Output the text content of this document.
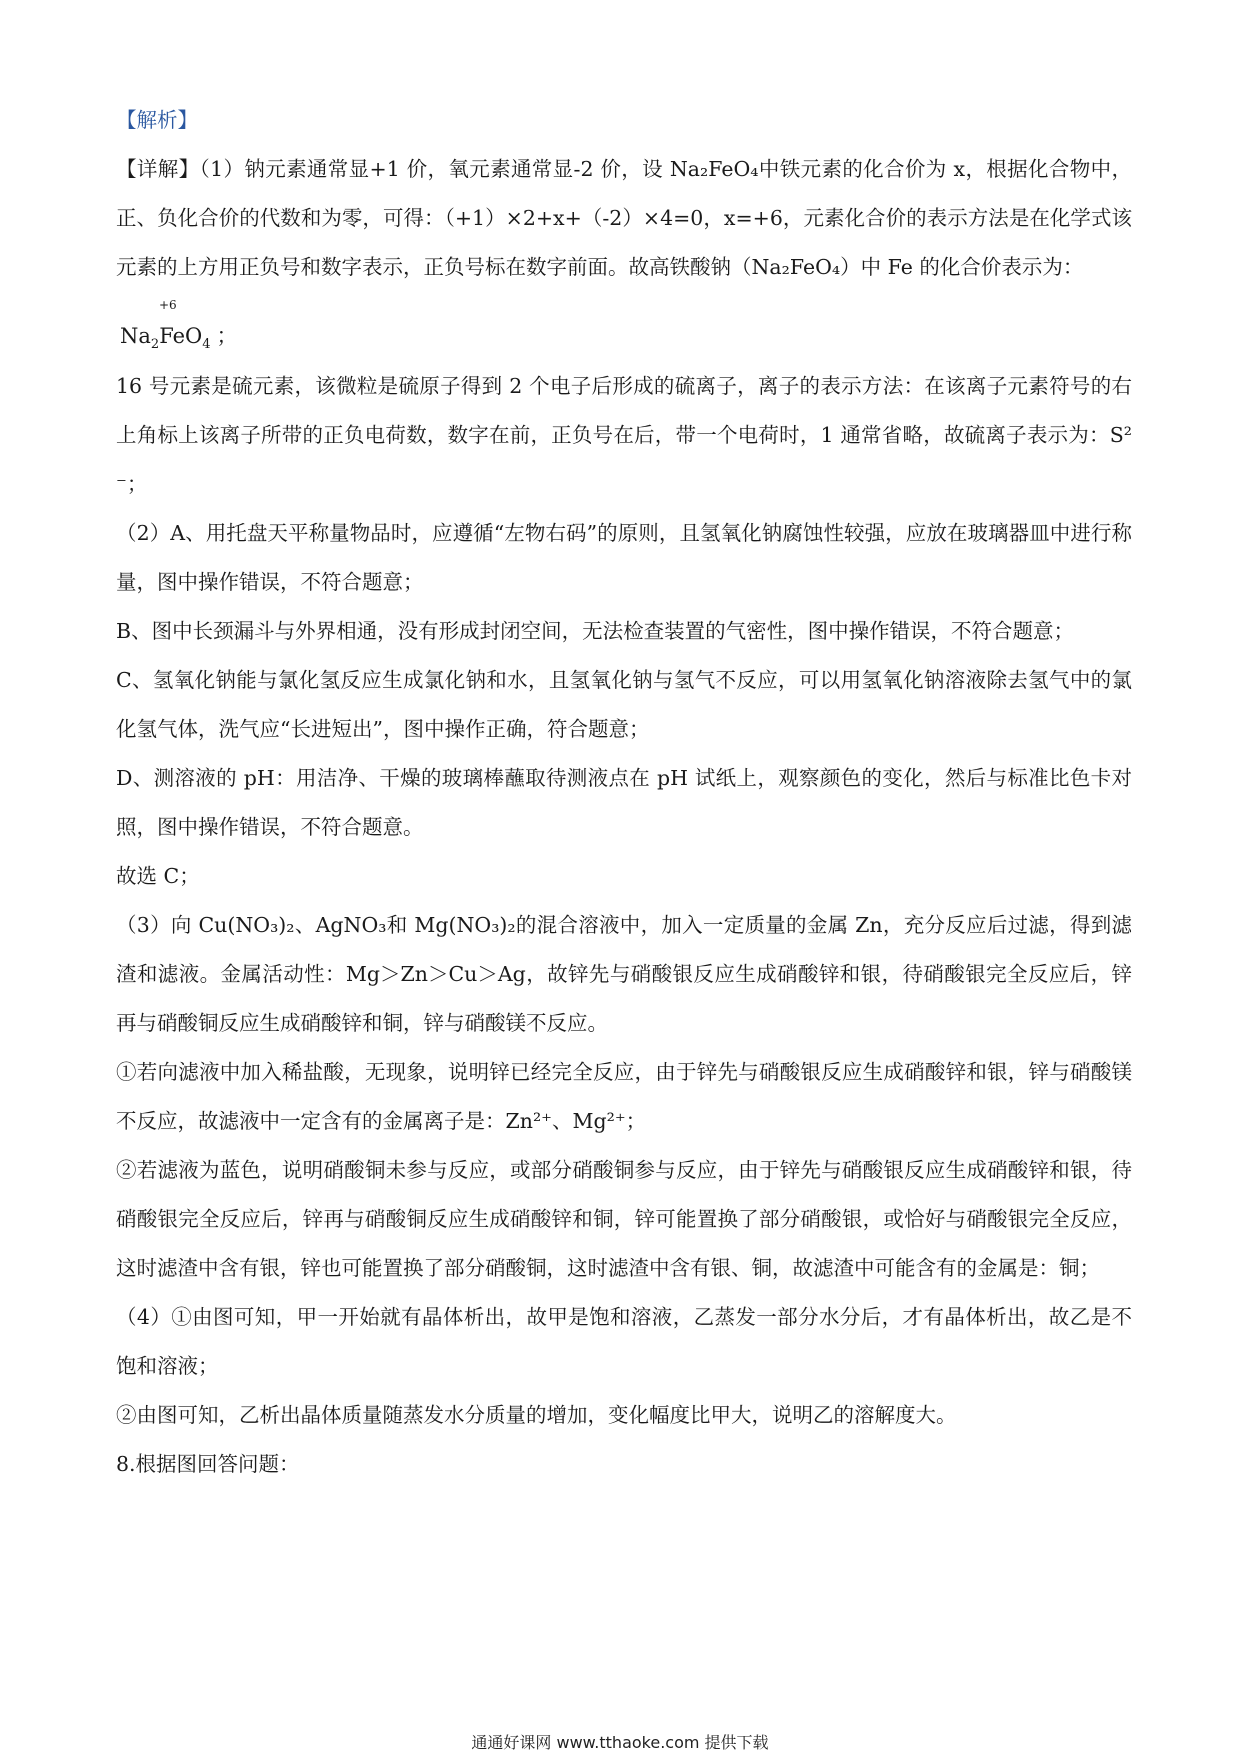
【解析】

【详解】（1）钠元素通常显+1 价，氧元素通常显-2 价，设 Na₂FeO₄中铁元素的化合价为 x，根据化合物中，正、负化合价的代数和为零，可得：（+1）×2+x+（-2）×4=0，x=+6，元素化合价的表示方法是在化学式该元素的上方用正负号和数字表示，正负号标在数字前面。故高铁酸钠（Na₂FeO₄）中 Fe 的化合价表示为：

+6
$Na_2FeO_4$ ；

16 号元素是硫元素，该微粒是硫原子得到 2 个电子后形成的硫离子，离子的表示方法：在该离子元素符号的右上角标上该离子所带的正负电荷数，数字在前，正负号在后，带一个电荷时，1 通常省略，故硫离子表示为：S²⁻；

（2）A、用托盘天平称量物品时，应遵循“左物右码”的原则，且氢氧化钠腐蚀性较强，应放在玻璃器皿中进行称量，图中操作错误，不符合题意；

B、图中长颈漏斗与外界相通，没有形成封闭空间，无法检查装置的气密性，图中操作错误，不符合题意；

C、氢氧化钠能与氯化氢反应生成氯化钠和水，且氢氧化钠与氢气不反应，可以用氢氧化钠溶液除去氢气中的氯化氢气体，洗气应“长进短出”，图中操作正确，符合题意；

D、测溶液的 pH：用洁净、干燥的玻璃棒蘸取待测液点在 pH 试纸上，观察颜色的变化，然后与标准比色卡对照，图中操作错误，不符合题意。

故选 C；

（3）向 Cu(NO₃)₂、AgNO₃和 Mg(NO₃)₂的混合溶液中，加入一定质量的金属 Zn，充分反应后过滤，得到滤渣和滤液。金属活动性：Mg＞Zn＞Cu＞Ag，故锌先与硝酸银反应生成硝酸锌和银，待硝酸银完全反应后，锌再与硝酸铜反应生成硝酸锌和铜，锌与硝酸镁不反应。

①若向滤液中加入稀盐酸，无现象，说明锌已经完全反应，由于锌先与硝酸银反应生成硝酸锌和银，锌与硝酸镁不反应，故滤液中一定含有的金属离子是：Zn²⁺、Mg²⁺；

②若滤液为蓝色，说明硝酸铜未参与反应，或部分硝酸铜参与反应，由于锌先与硝酸银反应生成硝酸锌和银，待硝酸银完全反应后，锌再与硝酸铜反应生成硝酸锌和铜，锌可能置换了部分硝酸银，或恰好与硝酸银完全反应，这时滤渣中含有银，锌也可能置换了部分硝酸铜，这时滤渣中含有银、铜，故滤渣中可能含有的金属是：铜；

（4）①由图可知，甲一开始就有晶体析出，故甲是饱和溶液，乙蒸发一部分水分后，才有晶体析出，故乙是不饱和溶液；

②由图可知，乙析出晶体质量随蒸发水分质量的增加，变化幅度比甲大，说明乙的溶解度大。

8.根据图回答问题：

通通好课网 www.tthaoke.com 提供下载
